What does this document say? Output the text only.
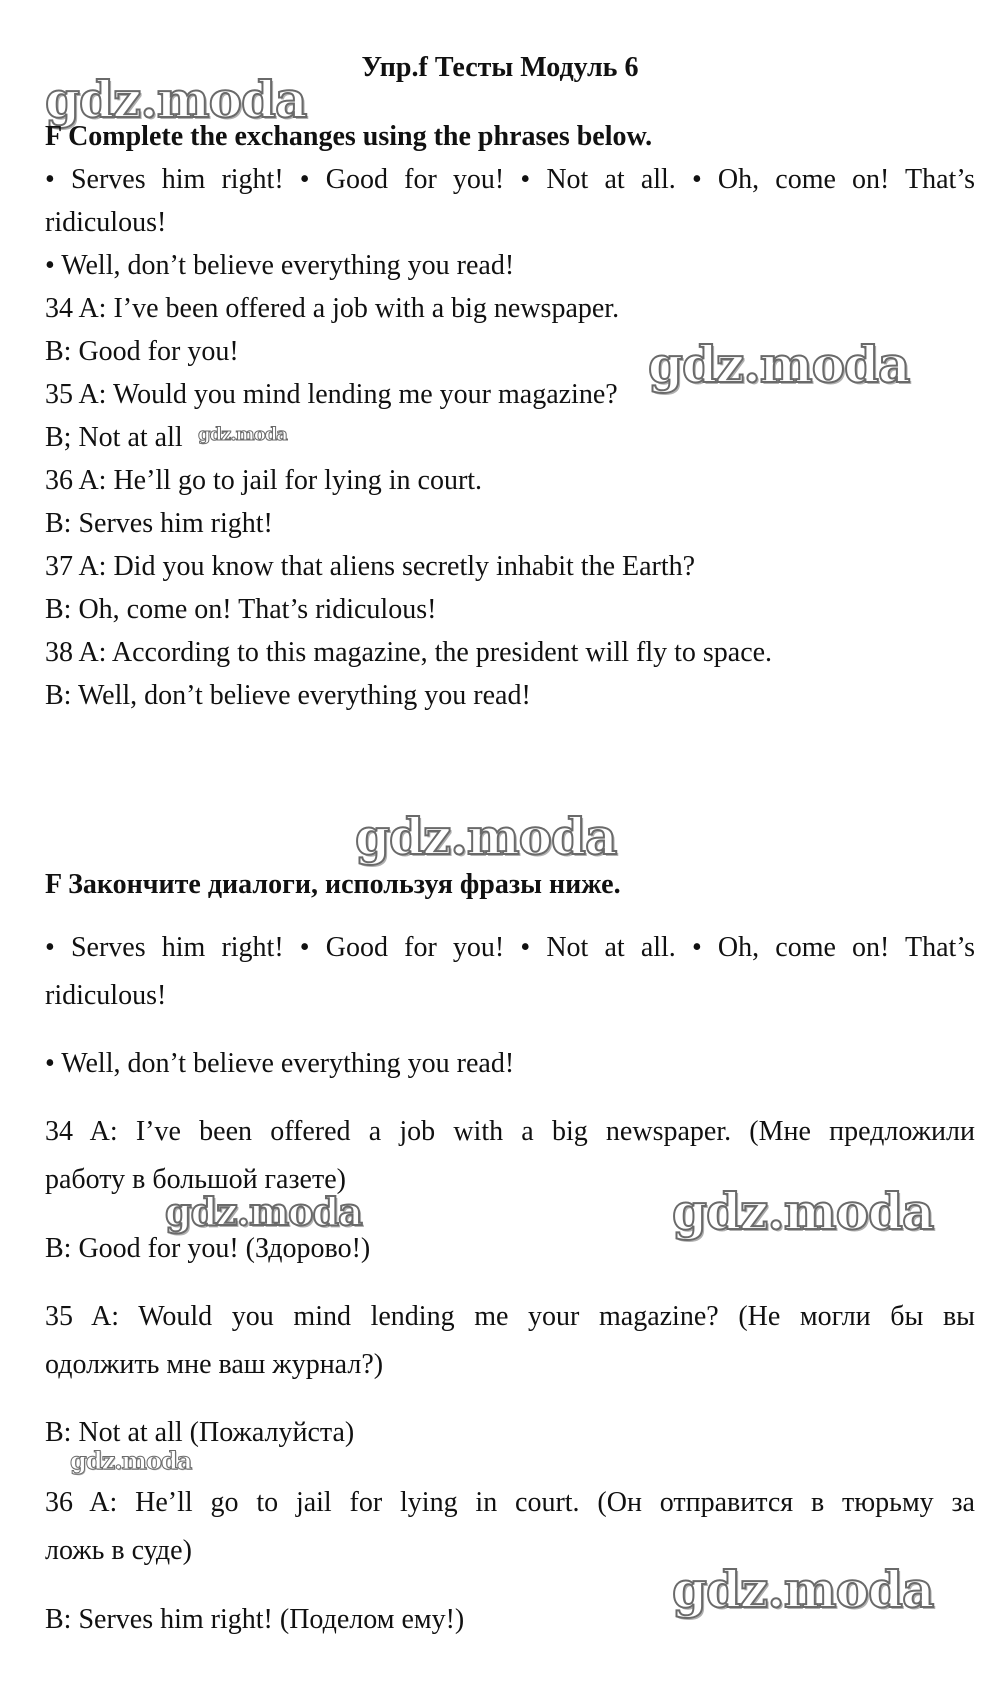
Упр.f Тесты Модуль 6
gdz.moda

F Complete the exchanges using the phrases below.

• Serves him right! • Good for you! • Not at all. • Oh, come on! That’s

ridiculous!

• Well, don’t believe everything you read!

34 A: I’ve been offered a job with a big newspaper.

B: Good for you!	gdz.moda

35 A: Would you mind lending me your magazine?

B; Not at all gdz.moda

36 A: He’ll go to jail for lying in court.

B: Serves him right!

37 A: Did you know that aliens secretly inhabit the Earth?

B: Oh, come on! That’s ridiculous!

38 A: According to this magazine, the president will fly to space.

B: Well, don’t believe everything you read!

gdz.moda

F Закончите диалоги, используя фразы ниже.

• Serves him right! • Good for you! • Not at all. • Oh, come on! That’s

ridiculous!

• Well, don’t believe everything you read!

34 A: I’ve been offered a job with a big newspaper. (Мне предложили

работу в большой газете)

gdz.moda	gdz.moda

B: Good for you! (Здорово!)

35 A: Would you mind lending me your magazine? (Не могли бы вы

одолжить мне ваш журнал?)

B: Not at all (Пожалуйста)

gdz.moda

36 A: He’ll go to jail for lying in court. (Он отправится в тюрьму за

ложь в суде)

gdz.moda

B: Serves him right! (Поделом ему!)
